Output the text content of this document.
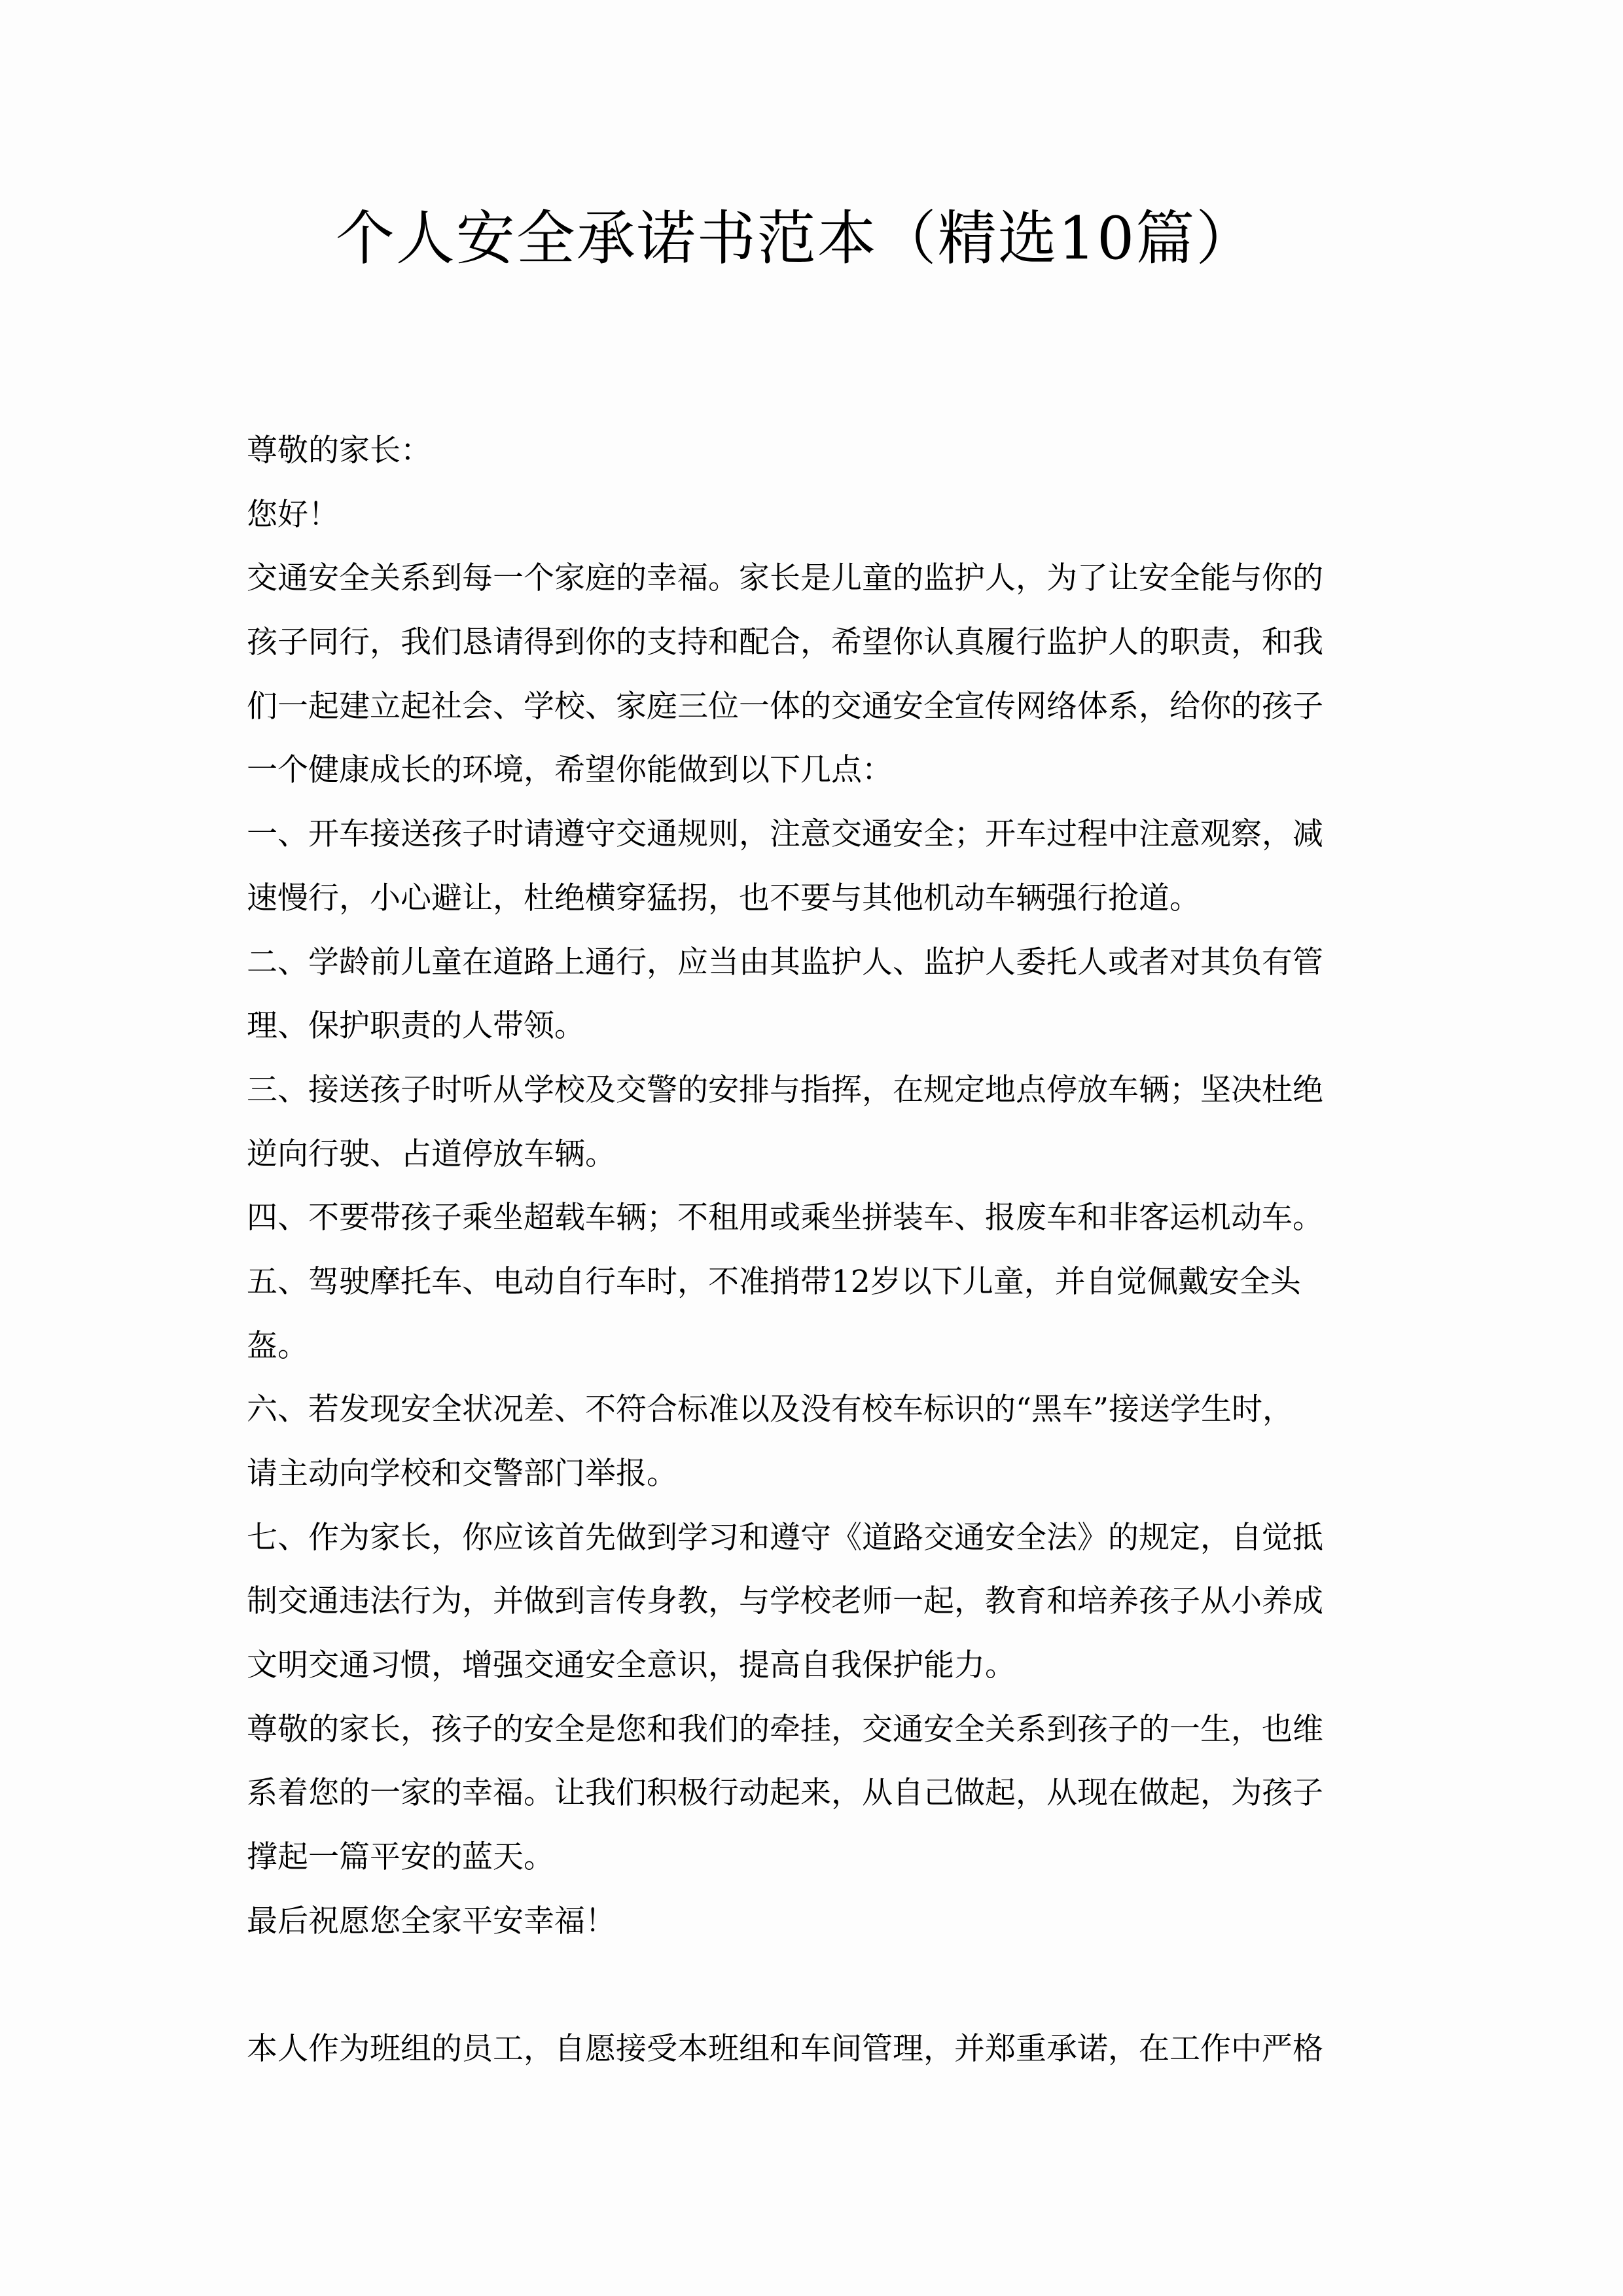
个人安全承诺书范本（精选10篇）
尊敬的家长：
您好！
交通安全关系到每一个家庭的幸福。家长是儿童的监护人，为了让安全能与你的
孩子同行，我们恳请得到你的支持和配合，希望你认真履行监护人的职责，和我
们一起建立起社会、学校、家庭三位一体的交通安全宣传网络体系，给你的孩子
一个健康成长的环境，希望你能做到以下几点：
一、开车接送孩子时请遵守交通规则，注意交通安全；开车过程中注意观察，减
速慢行，小心避让，杜绝横穿猛拐，也不要与其他机动车辆强行抢道。
二、学龄前儿童在道路上通行，应当由其监护人、监护人委托人或者对其负有管
理、保护职责的人带领。
三、接送孩子时听从学校及交警的安排与指挥，在规定地点停放车辆；坚决杜绝
逆向行驶、占道停放车辆。
四、不要带孩子乘坐超载车辆；不租用或乘坐拼装车、报废车和非客运机动车。
五、驾驶摩托车、电动自行车时，不准捎带12岁以下儿童，并自觉佩戴安全头
盔。
六、若发现安全状况差、不符合标准以及没有校车标识的“黑车”接送学生时，
请主动向学校和交警部门举报。
七、作为家长，你应该首先做到学习和遵守《道路交通安全法》的规定，自觉抵
制交通违法行为，并做到言传身教，与学校老师一起，教育和培养孩子从小养成
文明交通习惯，增强交通安全意识，提高自我保护能力。
尊敬的家长，孩子的安全是您和我们的牵挂，交通安全关系到孩子的一生，也维
系着您的一家的幸福。让我们积极行动起来，从自己做起，从现在做起，为孩子
撑起一篇平安的蓝天。
最后祝愿您全家平安幸福！
本人作为班组的员工，自愿接受本班组和车间管理，并郑重承诺，在工作中严格
